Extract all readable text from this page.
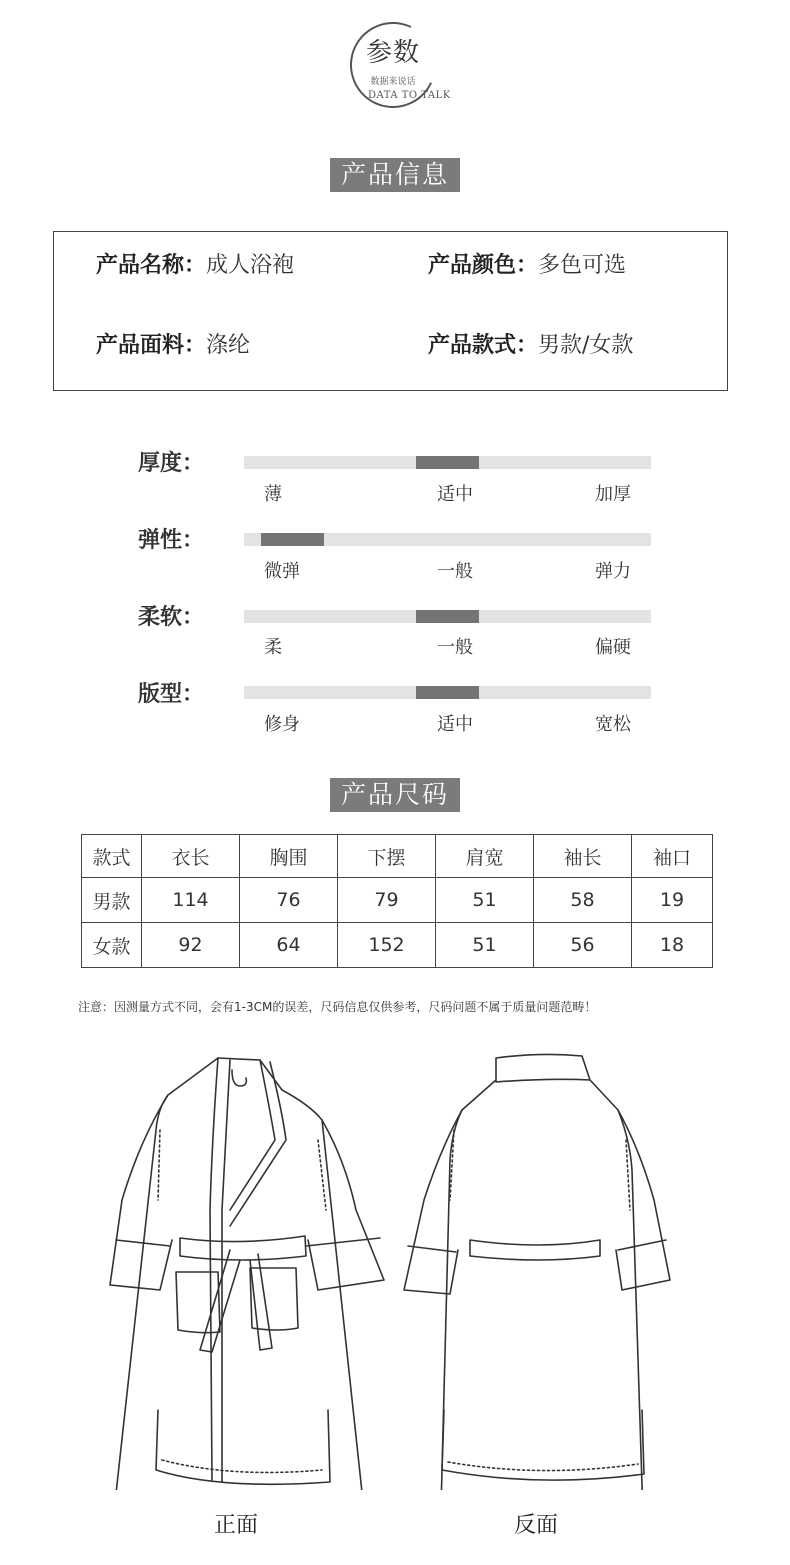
参数
数据来说话
DATA TO TALK
产品信息
产品名称：成人浴袍	产品颜色：多色可选
产品面料：涤纶	产品款式：男款/女款
厚度：
薄	适中	加厚
弹性：
微弹	一般	弹力
柔软：
柔	一般	偏硬
版型：
修身	适中	宽松
产品尺码
款式	衣长	胸围	下摆	肩宽	袖长	袖口
男款	114	76	79	51	58	19
女款	92	64	152	51	56	18
注意：因测量方式不同，会有1-3CM的误差，尺码信息仅供参考，尺码问题不属于质量问题范畴！
正面	反面
